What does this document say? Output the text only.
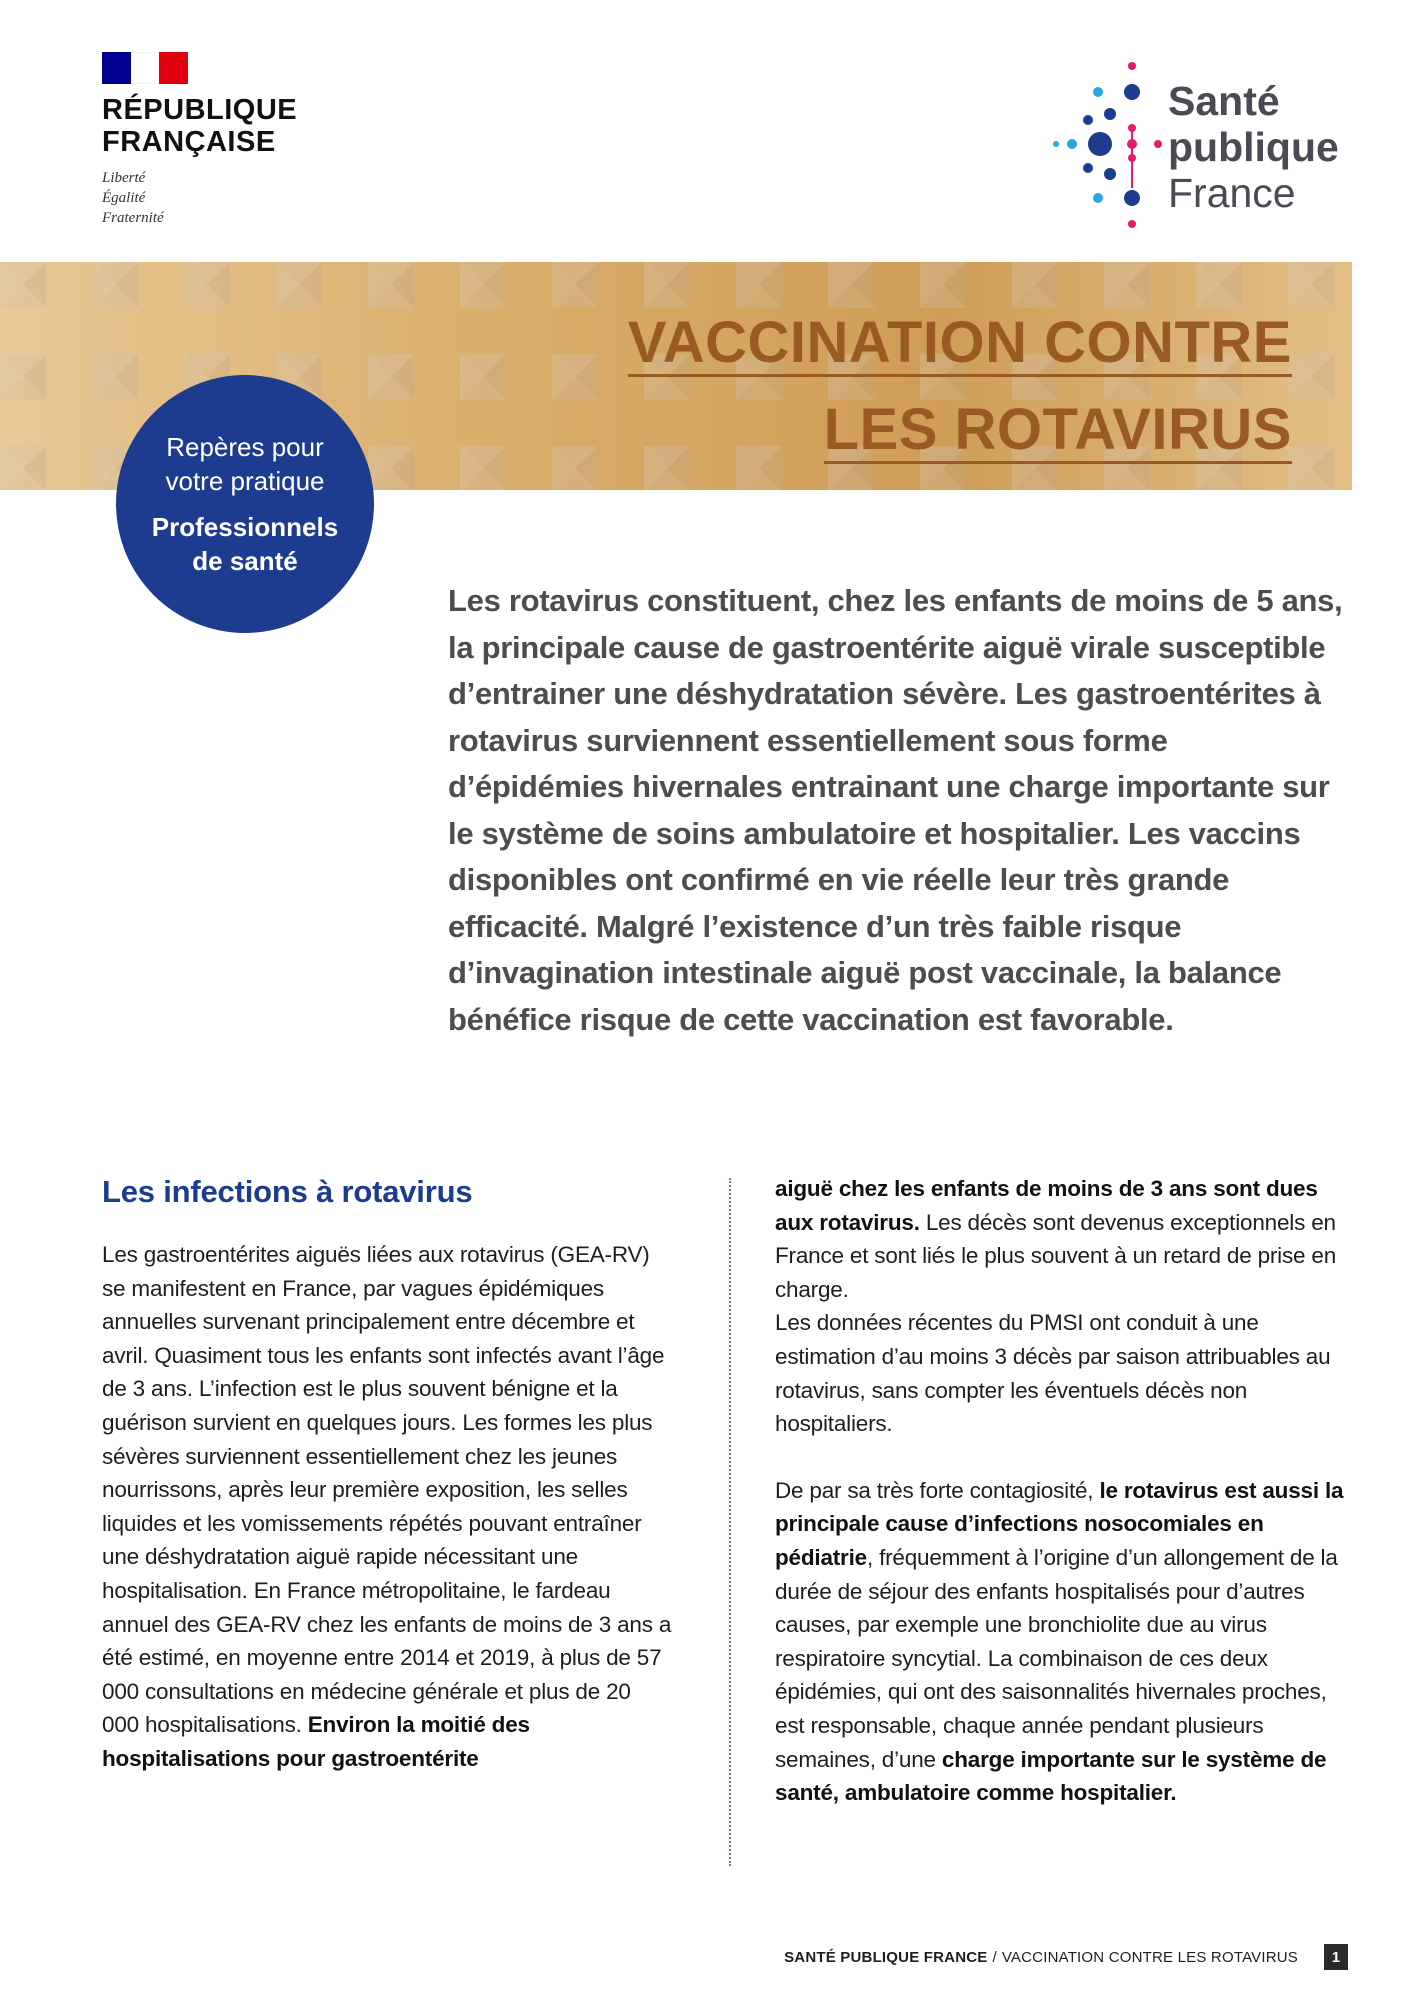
RÉPUBLIQUE
FRANÇAISE
Liberté
Égalité
Fraternité
Santé
publique
France
VACCINATION CONTRE
LES ROTAVIRUS
Repères pour
votre pratique
Professionnels
de santé

Les rotavirus constituent, chez les enfants de moins de 5 ans, la principale cause de gastroentérite aiguë virale susceptible d’entrainer une déshydratation sévère. Les gastroentérites à rotavirus surviennent essentiellement sous forme d’épidémies hivernales entrainant une charge importante sur le système de soins ambulatoire et hospitalier. Les vaccins disponibles ont confirmé en vie réelle leur très grande efficacité. Malgré l’existence d’un très faible risque d’invagination intestinale aiguë post vaccinale, la balance bénéfice risque de cette vaccination est favorable.

Les infections à rotavirus

Les gastroentérites aiguës liées aux rotavirus (GEA-RV) se manifestent en France, par vagues épidémiques annuelles survenant principalement entre décembre et avril. Quasiment tous les enfants sont infectés avant l’âge de 3 ans. L’infection est le plus souvent bénigne et la guérison survient en quelques jours. Les formes les plus sévères surviennent essentiellement chez les jeunes nourrissons, après leur première exposition, les selles liquides et les vomissements répétés pouvant entraîner une déshydratation aiguë rapide nécessitant une hospitalisation. En France métropolitaine, le fardeau annuel des GEA-RV chez les enfants de moins de 3 ans a été estimé, en moyenne entre 2014 et 2019, à plus de 57 000 consultations en médecine générale et plus de 20 000 hospitalisations. Environ la moitié des hospitalisations pour gastroentérite

aiguë chez les enfants de moins de 3 ans sont dues aux rotavirus. Les décès sont devenus exceptionnels en France et sont liés le plus souvent à un retard de prise en charge.

Les données récentes du PMSI ont conduit à une estimation d’au moins 3 décès par saison attribuables au rotavirus, sans compter les éventuels décès non hospitaliers.

De par sa très forte contagiosité, le rotavirus est aussi la principale cause d’infections nosocomiales en pédiatrie, fréquemment à l’origine d’un allongement de la durée de séjour des enfants hospitalisés pour d’autres causes, par exemple une bronchiolite due au virus respiratoire syncytial. La combinaison de ces deux épidémies, qui ont des saisonnalités hivernales proches, est responsable, chaque année pendant plusieurs semaines, d’une charge importante sur le système de santé, ambulatoire comme hospitalier.

SANTÉ PUBLIQUE FRANCE / VACCINATION CONTRE LES ROTAVIRUS	1
